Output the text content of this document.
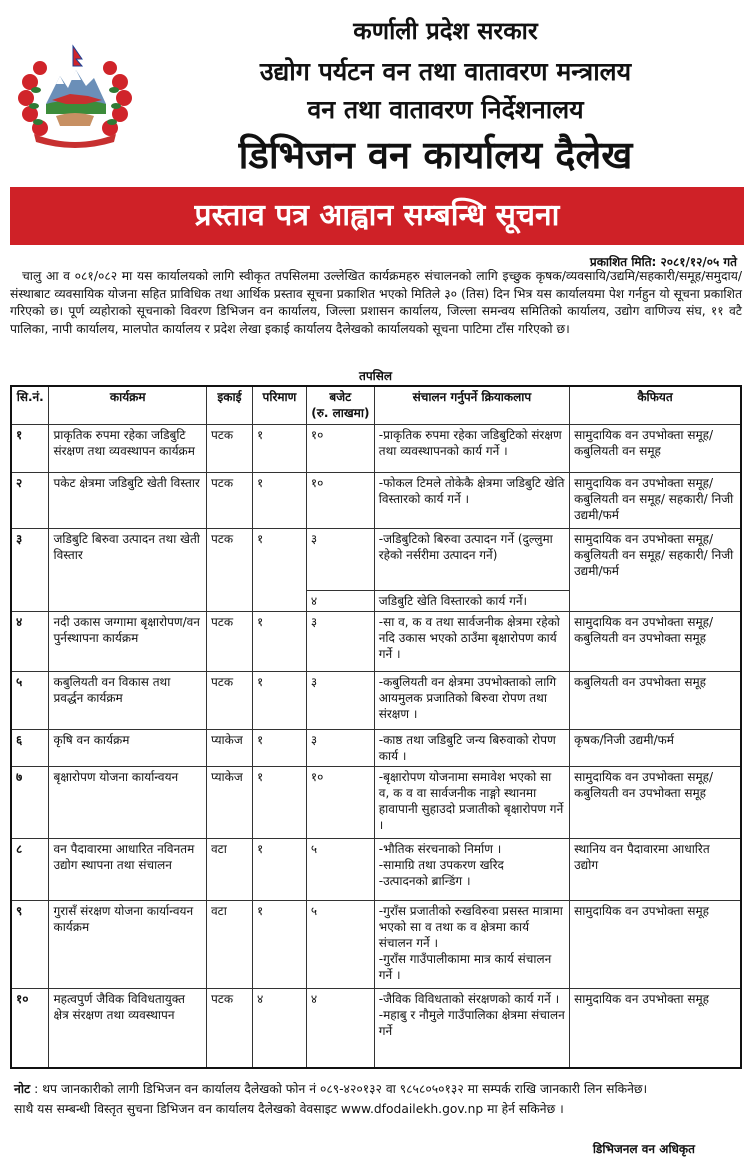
कर्णाली प्रदेश सरकार
उद्योग पर्यटन वन तथा वातावरण मन्त्रालय
वन तथा वातावरण निर्देशनालय
डिभिजन वन कार्यालय दैलेख
प्रस्ताव पत्र आह्वान सम्बन्धि सूचना
प्रकाशित मिति: २०८१/१२/०५ गते
चालु आ व ०८१/०८२ मा यस कार्यालयको लागि स्वीकृत तपसिलमा उल्लेखित कार्यक्रमहरु संचालनको लागि इच्छुक कृषक/व्यवसायि/उद्यमि/सहकारी/समूह/समुदाय/संस्थाबाट व्यवसायिक योजना सहित प्राविधिक तथा आर्थिक प्रस्ताव सूचना प्रकाशित भएको मितिले ३० (तिस) दिन भित्र यस कार्यालयमा पेश गर्नहुन यो सूचना प्रकाशित गरिएको छ। पूर्ण व्यहोराको सूचनाको विवरण डिभिजन वन कार्यालय, जिल्ला प्रशासन कार्यालय, जिल्ला समन्वय समितिको कार्यालय, उद्योग वाणिज्य संघ, ११ वटै पालिका, नापी कार्यालय, मालपोत कार्यालय र प्रदेश लेखा इकाई कार्यालय दैलेखको कार्यालयको सूचना पाटिमा टाँस गरिएको छ।
तपसिल
सि.नं.	कार्यक्रम	इकाई	परिमाण	बजेट
(रु. लाखमा)	संचालन गर्नुपर्ने क्रियाकलाप	कैफियत
१	प्राकृतिक रुपमा रहेका जडिबुटि संरक्षण तथा व्यवस्थापन कार्यक्रम	पटक	१	१०	-प्राकृतिक रुपमा रहेका जडिबुटिको संरक्षण तथा व्यवस्थापनको कार्य गर्ने ।	सामुदायिक वन उपभोक्ता समूह/ कबुलियती वन समूह
२	पकेट क्षेत्रमा जडिबुटि खेती विस्तार	पटक	१	१०	-फोकल टिमले तोकेकै क्षेत्रमा जडिबुटि खेति विस्तारको कार्य गर्ने ।	सामुदायिक वन उपभोक्ता समूह/ कबुलियती वन समूह/ सहकारी/ निजी उद्यमी/फर्म
३	जडिबुटि बिरुवा उत्पादन तथा खेती विस्तार	पटक	१	३	-जडिबुटिको बिरुवा उत्पादन गर्ने (दुल्लुमा रहेको नर्सरीमा उत्पादन गर्ने)	सामुदायिक वन उपभोक्ता समूह/ कबुलियती वन समूह/ सहकारी/ निजी उद्यमी/फर्म
				४	जडिबुटि खेति विस्तारको कार्य गर्ने।	
४	नदी उकास जग्गामा बृक्षारोपण/वन पुर्नस्थापना कार्यक्रम	पटक	१	३	-सा व, क व तथा सार्वजनीक क्षेत्रमा रहेको नदि उकास भएको ठाउँमा बृक्षारोपण कार्य गर्ने ।	सामुदायिक वन उपभोक्ता समूह/ कबुलियती वन उपभोक्ता समूह
५	कबुलियती वन विकास तथा प्रवर्द्धन कार्यक्रम	पटक	१	३	-कबुलियती वन क्षेत्रमा उपभोक्ताको लागि आयमुलक प्रजातिको बिरुवा रोपण तथा संरक्षण ।	कबुलियती वन उपभोक्ता समूह
६	कृषि वन कार्यक्रम	प्याकेज	१	३	-काष्ठ तथा जडिबुटि जन्य बिरुवाको रोपण कार्य ।	कृषक/निजी उद्यमी/फर्म
७	बृक्षारोपण योजना कार्यान्वयन	प्याकेज	१	१०	-बृक्षारोपण योजनामा समावेश भएको सा व, क व वा सार्वजनीक नाङ्गो स्थानमा हावापानी सुहाउदो प्रजातीको बृक्षारोपण गर्ने ।	सामुदायिक वन उपभोक्ता समूह/ कबुलियती वन उपभोक्ता समूह
८	वन पैदावारमा आधारित नविनतम उद्योग स्थापना तथा संचालन	वटा	१	५	-भौतिक संरचनाको निर्माण ।
-सामाग्रि तथा उपकरण खरिद
-उत्पादनको ब्रान्डिंग ।	स्थानिय वन पैदावारमा आधारित उद्योग
९	गुरासँ संरक्षण योजना कार्यान्वयन कार्यक्रम	वटा	१	५	-गुराँस प्रजातीको रुखविरुवा प्रसस्त मात्रामा भएको सा व तथा क व क्षेत्रमा कार्य संचालन गर्ने ।
-गुराँस गाउँपालीकामा मात्र कार्य संचालन गर्ने ।	सामुदायिक वन उपभोक्ता समूह
१०	महत्वपुर्ण जैविक विविधतायुक्त क्षेत्र संरक्षण तथा व्यवस्थापन	पटक	४	४	-जैविक विविधताको संरक्षणको कार्य गर्ने ।
-महाबु र नौमुले गाउँपालिका क्षेत्रमा संचालन गर्ने	सामुदायिक वन उपभोक्ता समूह
नोट : थप जानकारीको लागी डिभिजन वन कार्यालय दैलेखको फोन नं ०८९-४२०१३२ वा ९८५८०५०१३२ मा सम्पर्क राखि जानकारी लिन सकिनेछ।
साथै यस सम्बन्धी विस्तृत सुचना डिभिजन वन कार्यालय दैलेखको वेवसाइट www.dfodailekh.gov.np मा हेर्न सकिनेछ ।
डिभिजनल वन अधिकृत
